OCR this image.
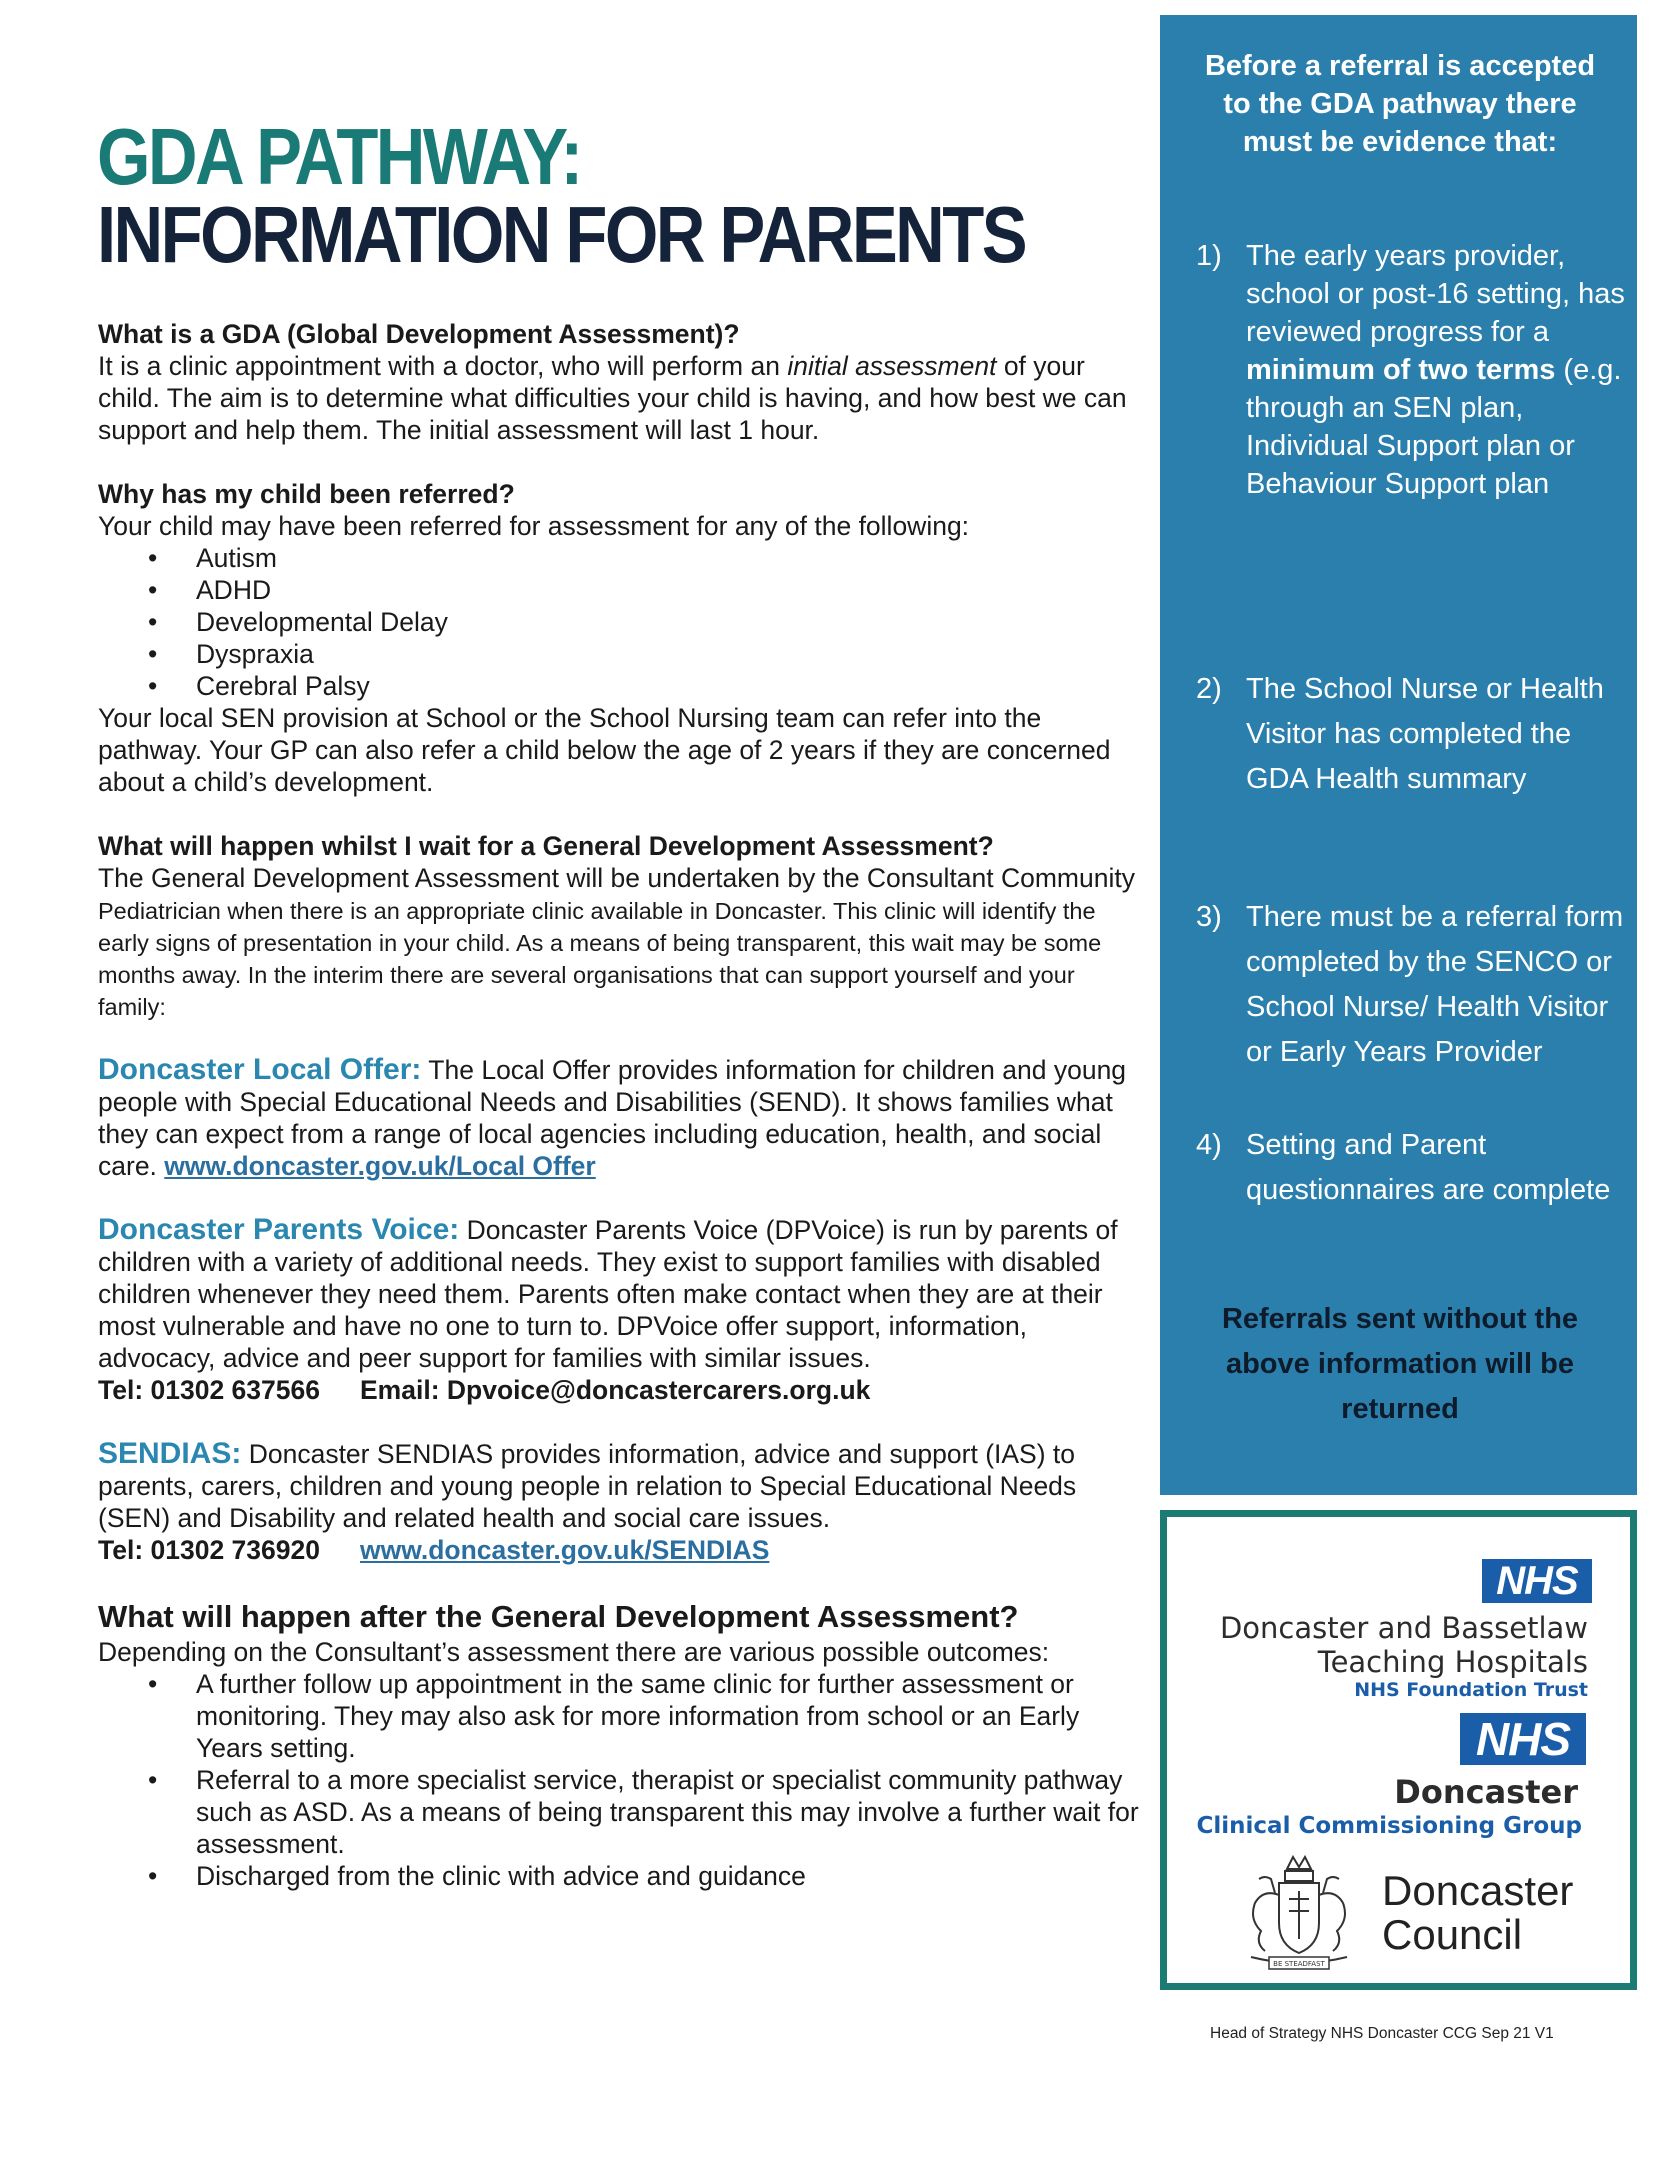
GDA PATHWAY:
INFORMATION FOR PARENTS

What is a GDA (Global Development Assessment)?

It is a clinic appointment with a doctor, who will perform an initial assessment of your child. The aim is to determine what difficulties your child is having, and how best we can support and help them. The initial assessment will last 1 hour.

Why has my child been referred?

Your child may have been referred for assessment for any of the following:

• Autism
• ADHD
• Developmental Delay
• Dyspraxia
• Cerebral Palsy

Your local SEN provision at School or the School Nursing team can refer into the pathway. Your GP can also refer a child below the age of 2 years if they are concerned about a child’s development.

What will happen whilst I wait for a General Development Assessment?

The General Development Assessment will be undertaken by the Consultant Community Pediatrician when there is an appropriate clinic available in Doncaster. This clinic will identify the early signs of presentation in your child. As a means of being transparent, this wait may be some months away. In the interim there are several organisations that can support yourself and your family:

Doncaster Local Offer: The Local Offer provides information for children and young people with Special Educational Needs and Disabilities (SEND). It shows families what they can expect from a range of local agencies including education, health, and social care. www.doncaster.gov.uk/Local Offer

Doncaster Parents Voice: Doncaster Parents Voice (DPVoice) is run by parents of children with a variety of additional needs. They exist to support families with disabled children whenever they need them. Parents often make contact when they are at their most vulnerable and have no one to turn to. DPVoice offer support, information, advocacy, advice and peer support for families with similar issues.

Tel: 01302 637566 Email: Dpvoice@doncastercarers.org.uk

SENDIAS: Doncaster SENDIAS provides information, advice and support (IAS) to parents, carers, children and young people in relation to Special Educational Needs (SEN) and Disability and related health and social care issues.

Tel: 01302 736920 www.doncaster.gov.uk/SENDIAS

What will happen after the General Development Assessment?

Depending on the Consultant’s assessment there are various possible outcomes:

• A further follow up appointment in the same clinic for further assessment or monitoring. They may also ask for more information from school or an Early Years setting.
• Referral to a more specialist service, therapist or specialist community pathway such as ASD. As a means of being transparent this may involve a further wait for assessment.
• Discharged from the clinic with advice and guidance
Before a referral is accepted to the GDA pathway there must be evidence that:
1) The early years provider, school or post-16 setting, has reviewed progress for a minimum of two terms (e.g. through an SEN plan, Individual Support plan or Behaviour Support plan
2) The School Nurse or Health Visitor has completed the GDA Health summary
3) There must be a referral form completed by the SENCO or School Nurse/ Health Visitor or Early Years Provider
4) Setting and Parent questionnaires are complete
Referrals sent without the above information will be returned
NHS
Doncaster and Bassetlaw
Teaching Hospitals
NHS Foundation Trust
NHS
Doncaster
Clinical Commissioning Group
BE STEADFAST
Doncaster
Council
Head of Strategy NHS Doncaster CCG Sep 21 V1
